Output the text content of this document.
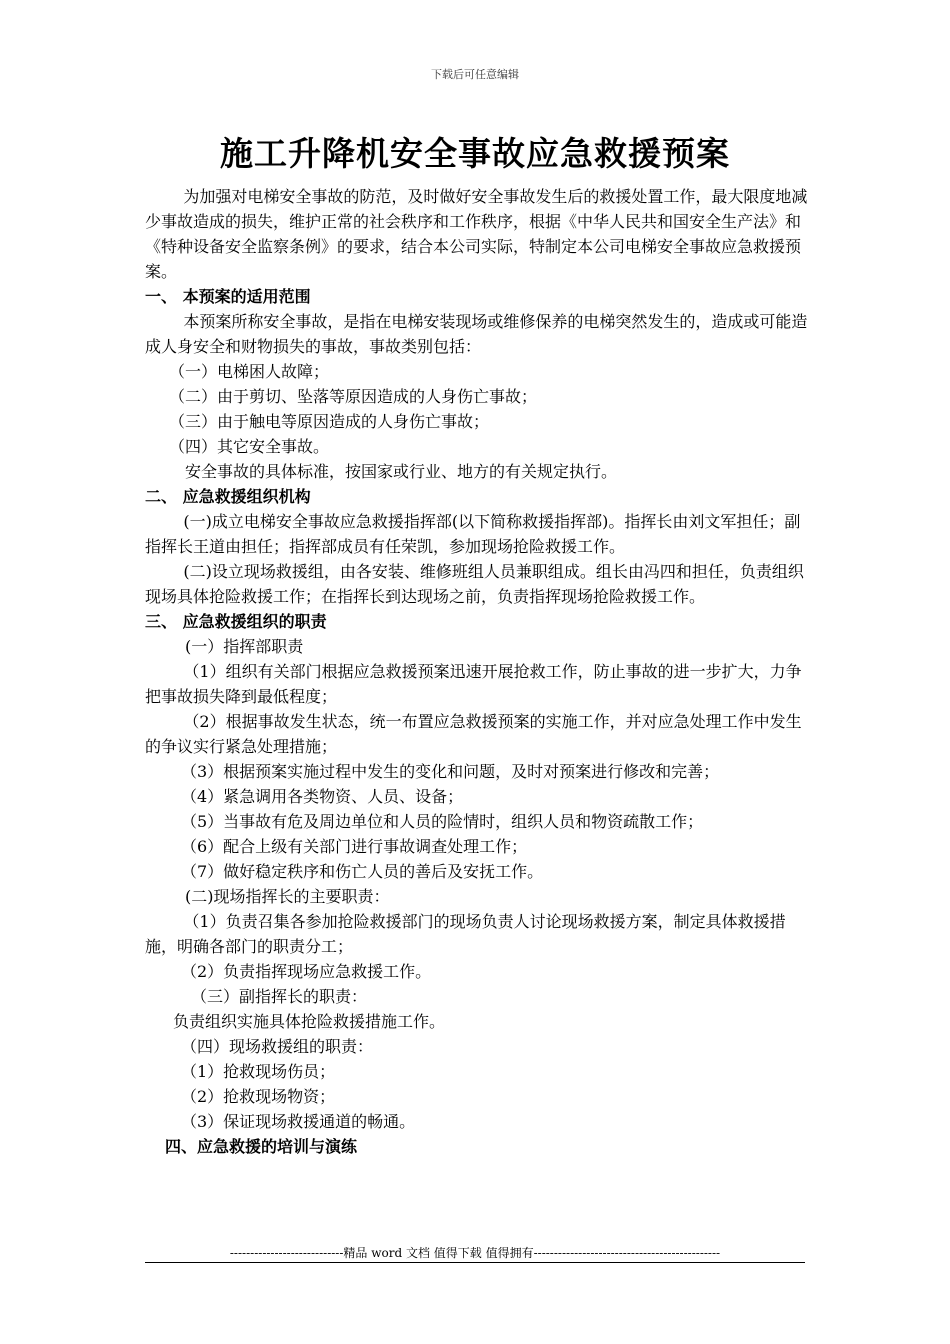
下载后可任意编辑
施工升降机安全事故应急救援预案

为加强对电梯安全事故的防范，及时做好安全事故发生后的救援处置工作，最大限度地减少事故造成的损失，维护正常的社会秩序和工作秩序，根据《中华人民共和国安全生产法》和《特种设备安全监察条例》的要求，结合本公司实际，特制定本公司电梯安全事故应急救援预案。

一、 本预案的适用范围

本预案所称安全事故，是指在电梯安装现场或维修保养的电梯突然发生的，造成或可能造成人身安全和财物损失的事故，事故类别包括：

（一）电梯困人故障；

（二）由于剪切、坠落等原因造成的人身伤亡事故；

（三）由于触电等原因造成的人身伤亡事故；

（四）其它安全事故。

安全事故的具体标准，按国家或行业、地方的有关规定执行。

二、 应急救援组织机构

(一)成立电梯安全事故应急救援指挥部(以下简称救援指挥部)。指挥长由刘文军担任；副指挥长王道由担任；指挥部成员有任荣凯，参加现场抢险救援工作。

(二)设立现场救援组，由各安装、维修班组人员兼职组成。组长由冯四和担任，负责组织现场具体抢险救援工作；在指挥长到达现场之前，负责指挥现场抢险救援工作。

三、 应急救援组织的职责

(一）指挥部职责

（1）组织有关部门根据应急救援预案迅速开展抢救工作，防止事故的进一步扩大，力争把事故损失降到最低程度；

（2）根据事故发生状态，统一布置应急救援预案的实施工作，并对应急处理工作中发生的争议实行紧急处理措施；

（3）根据预案实施过程中发生的变化和问题，及时对预案进行修改和完善；

（4）紧急调用各类物资、人员、设备；

（5）当事故有危及周边单位和人员的险情时，组织人员和物资疏散工作；

（6）配合上级有关部门进行事故调查处理工作；

（7）做好稳定秩序和伤亡人员的善后及安抚工作。

(二)现场指挥长的主要职责：

（1）负责召集各参加抢险救援部门的现场负责人讨论现场救援方案，制定具体救援措施，明确各部门的职责分工；

（2）负责指挥现场应急救援工作。

（三）副指挥长的职责：

负责组织实施具体抢险救援措施工作。

（四）现场救援组的职责：

（1）抢救现场伤员；

（2）抢救现场物资；

（3）保证现场救援通道的畅通。

四、应急救援的培训与演练

----------------------------精品 word 文档 值得下载 值得拥有----------------------------------------------
